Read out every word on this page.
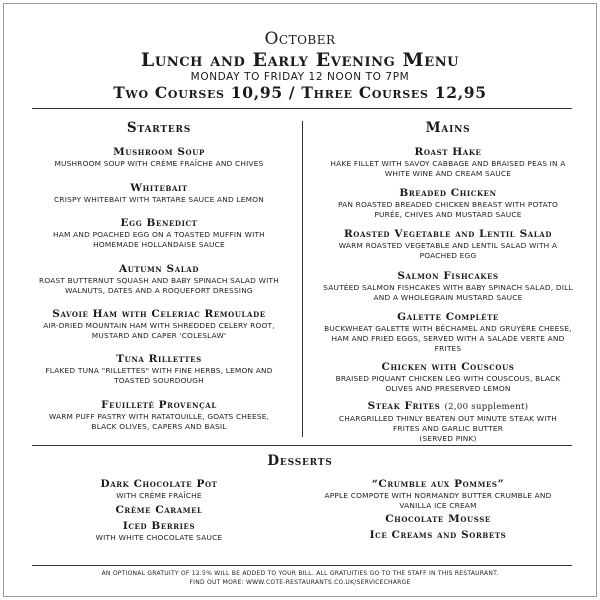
October
Lunch and Early Evening Menu
MONDAY TO FRIDAY 12 NOON TO 7PM
Two Courses 10,95 / Three Courses 12,95
Starters
Mushroom Soup
MUSHROOM SOUP WITH CRÈME FRAÎCHE AND CHIVES
Whitebait
CRISPY WHITEBAIT WITH TARTARE SAUCE AND LEMON
Egg Benedict
HAM AND POACHED EGG ON A TOASTED MUFFIN WITH HOMEMADE HOLLANDAISE SAUCE
Autumn Salad
ROAST BUTTERNUT SQUASH AND BABY SPINACH SALAD WITH WALNUTS, DATES AND A ROQUEFORT DRESSING
Savoie Ham with Celeriac Remoulade
AIR-DRIED MOUNTAIN HAM WITH SHREDDED CELERY ROOT, MUSTARD AND CAPER 'COLESLAW'
Tuna Rillettes
FLAKED TUNA "RILLETTES" WITH FINE HERBS, LEMON AND TOASTED SOURDOUGH
Feuilleté Provençal
WARM PUFF PASTRY WITH RATATOUILLE, GOATS CHEESE, BLACK OLIVES, CAPERS AND BASIL
Mains
Roast Hake
HAKE FILLET WITH SAVOY CABBAGE AND BRAISED PEAS IN A WHITE WINE AND CREAM SAUCE
Breaded Chicken
PAN ROASTED BREADED CHICKEN BREAST WITH POTATO PURÉE, CHIVES AND MUSTARD SAUCE
Roasted Vegetable and Lentil Salad
WARM ROASTED VEGETABLE AND LENTIL SALAD WITH A POACHED EGG
Salmon Fishcakes
SAUTÉED SALMON FISHCAKES WITH BABY SPINACH SALAD, DILL AND A WHOLEGRAIN MUSTARD SAUCE
Galette Complète
BUCKWHEAT GALETTE WITH BÉCHAMEL AND GRUYÈRE CHEESE, HAM AND FRIED EGGS, SERVED WITH A SALADE VERTE AND FRITES
Chicken with Couscous
BRAISED PIQUANT CHICKEN LEG WITH COUSCOUS, BLACK OLIVES AND PRESERVED LEMON
Steak Frites (2,00 supplement)
CHARGRILLED THINLY BEATEN OUT MINUTE STEAK WITH FRITES AND GARLIC BUTTER
(SERVED PINK)
Desserts
Dark Chocolate Pot
WITH CRÈME FRAÎCHE
Crème Caramel
Iced Berries
WITH WHITE CHOCOLATE SAUCE
“Crumble aux Pommes”
APPLE COMPOTE WITH NORMANDY BUTTER CRUMBLE AND VANILLA ICE CREAM
Chocolate Mousse
Ice Creams and Sorbets
AN OPTIONAL GRATUITY OF 12.5% WILL BE ADDED TO YOUR BILL. ALL GRATUITIES GO TO THE STAFF IN THIS RESTAURANT.
FIND OUT MORE: WWW.COTE-RESTAURANTS.CO.UK/SERVICECHARGE
